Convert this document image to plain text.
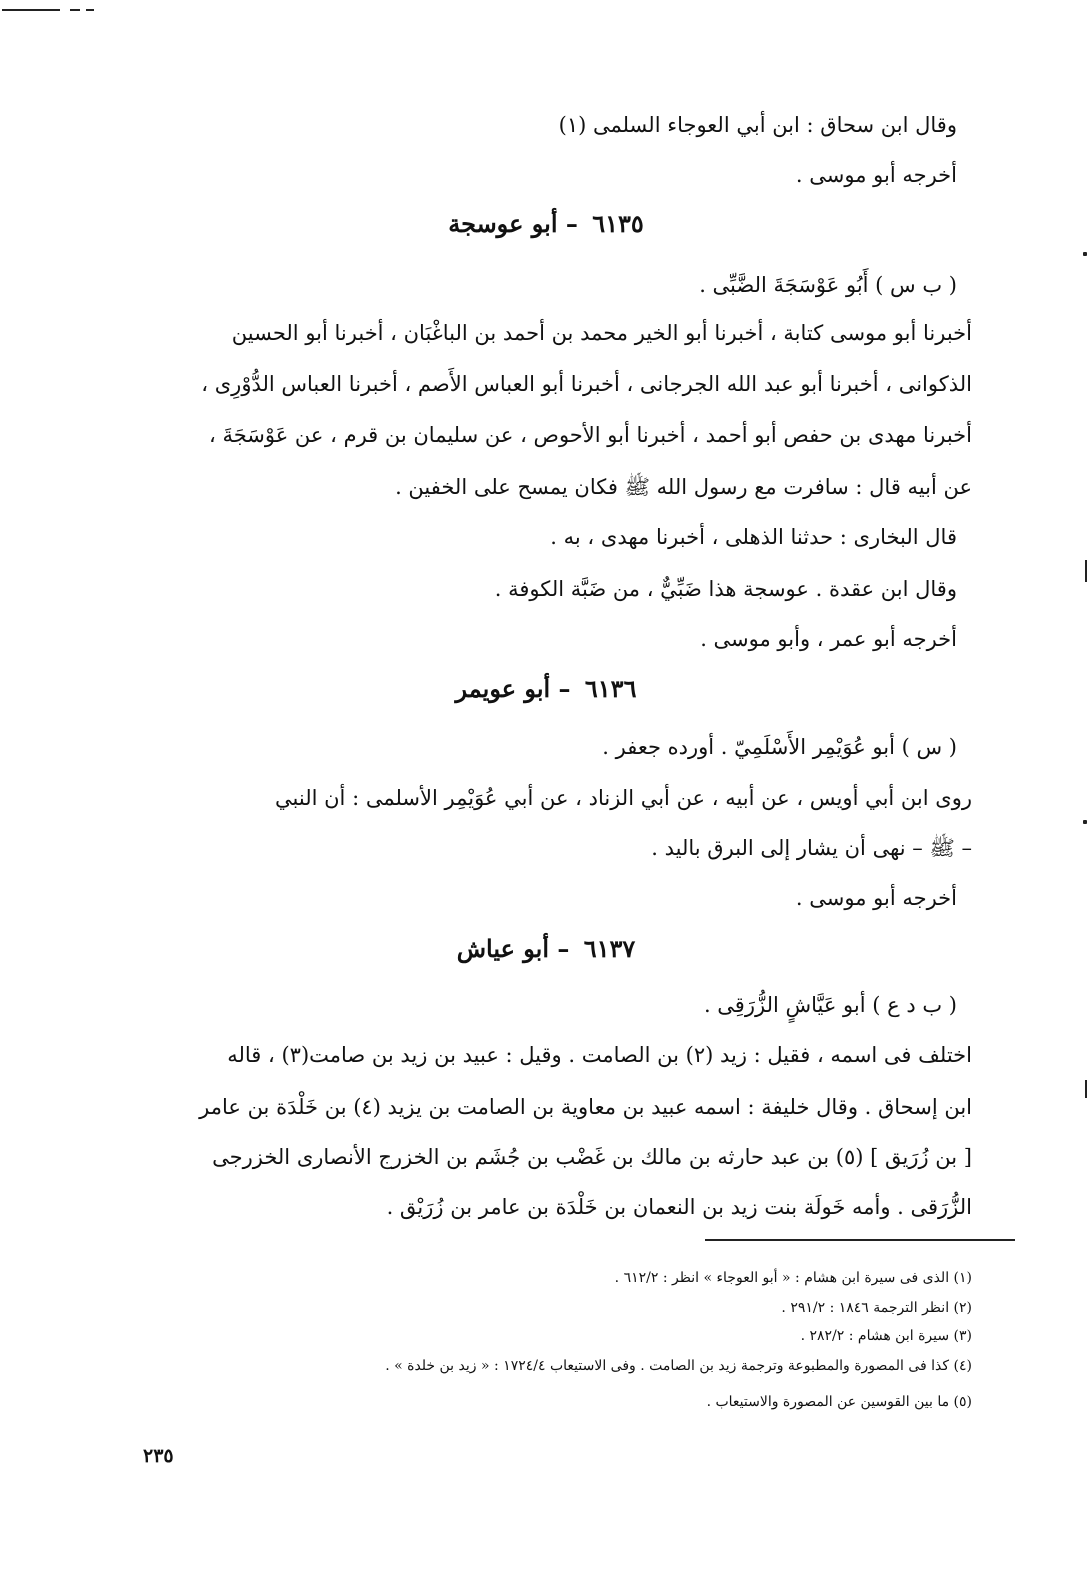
وقال ابن سحاق : ابن أبي العوجاء السلمى (١)
أخرجه أبو موسى .
٦١٣٥ – أبو عوسجة
( ب س ) أَبُو عَوْسَجَةَ الضَّبِّى .
أخبرنا أبو موسى كتابة ، أخبرنا أبو الخير محمد بن أحمد بن الباغْبَان ، أخبرنا أبو الحسين
الذكوانى ، أخبرنا أبو عبد الله الجرجانى ، أخبرنا أبو العباس الأَصم ، أخبرنا العباس الدُّوْرِى ،
أخبرنا مهدى بن حفص أبو أحمد ، أخبرنا أبو الأحوص ، عن سليمان بن قرم ، عن عَوْسَجَةَ ،
عن أبيه قال : سافرت مع رسول الله ﷺ فكان يمسح على الخفين .
قال البخارى : حدثنا الذهلى ، أخبرنا مهدى ، به .
وقال ابن عقدة . عوسجة هذا ضَبِّيٌّ ، من ضَبَّة الكوفة .
أخرجه أبو عمر ، وأبو موسى .
٦١٣٦ – أبو عويمر
( س ) أبو عُوَيْمِر الأَسْلَمِيّ . أورده جعفر .
روى ابن أبي أويس ، عن أبيه ، عن أبي الزناد ، عن أبي عُوَيْمِر الأسلمى : أن النبي
– ﷺ – نهى أن يشار إلى البرق باليد .
أخرجه أبو موسى .
٦١٣٧ – أبو عياش
( ب د ع ) أبو عَيَّاشٍ الزُّرَقِى .
اختلف فى اسمه ، فقيل : زيد (٢) بن الصامت . وقيل : عبيد بن زيد بن صامت(٣) ، قاله
ابن إسحاق . وقال خليفة : اسمه عبيد بن معاوية بن الصامت بن يزيد (٤) بن خَلْدَة بن عامر
[ بن زُرَيق ] (٥) بن عبد حارثه بن مالك بن غَضْب بن جُشَم بن الخزرج الأنصارى الخزرجى
الزُّرَقى . وأمه خَولَة بنت زيد بن النعمان بن خَلْدَة بن عامر بن زُرَيْق .
(١) الذى فى سيرة ابن هشام : « أبو العوجاء » انظر : ٦١٢/٢ .
(٢) انظر الترجمة ١٨٤٦ : ٢٩١/٢ .
(٣) سيرة ابن هشام : ٢٨٢/٢ .
(٤) كذا فى المصورة والمطبوعة وترجمة زيد بن الصامت . وفى الاستيعاب ١٧٢٤/٤ : « زيد بن خلدة » .
(٥) ما بين القوسين عن المصورة والاستيعاب .
٢٣٥
